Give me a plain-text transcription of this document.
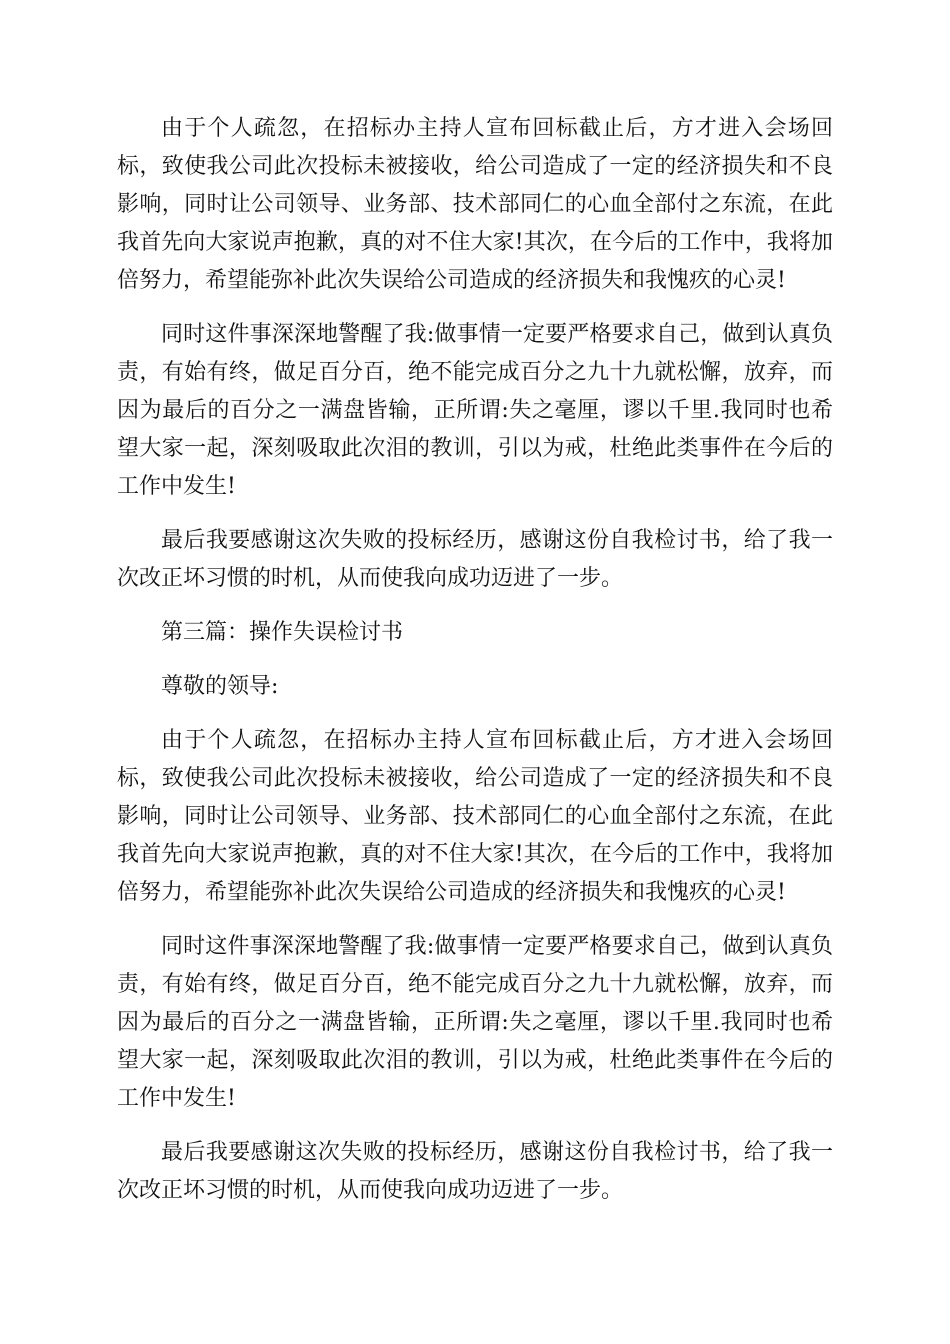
由于个人疏忽，在招标办主持人宣布回标截止后，方才进入会场回标，致使我公司此次投标未被接收，给公司造成了一定的经济损失和不良影响，同时让公司领导、业务部、技术部同仁的心血全部付之东流，在此我首先向大家说声抱歉，真的对不住大家!其次，在今后的工作中，我将加倍努力，希望能弥补此次失误给公司造成的经济损失和我愧疚的心灵!

同时这件事深深地警醒了我:做事情一定要严格要求自己，做到认真负责，有始有终，做足百分百，绝不能完成百分之九十九就松懈，放弃，而因为最后的百分之一满盘皆输，正所谓:失之毫厘，谬以千里.我同时也希望大家一起，深刻吸取此次泪的教训，引以为戒，杜绝此类事件在今后的工作中发生!

最后我要感谢这次失败的投标经历，感谢这份自我检讨书，给了我一次改正坏习惯的时机，从而使我向成功迈进了一步。

第三篇：操作失误检讨书

尊敬的领导:

由于个人疏忽，在招标办主持人宣布回标截止后，方才进入会场回标，致使我公司此次投标未被接收，给公司造成了一定的经济损失和不良影响，同时让公司领导、业务部、技术部同仁的心血全部付之东流，在此我首先向大家说声抱歉，真的对不住大家!其次，在今后的工作中，我将加倍努力，希望能弥补此次失误给公司造成的经济损失和我愧疚的心灵!

同时这件事深深地警醒了我:做事情一定要严格要求自己，做到认真负责，有始有终，做足百分百，绝不能完成百分之九十九就松懈，放弃，而因为最后的百分之一满盘皆输，正所谓:失之毫厘，谬以千里.我同时也希望大家一起，深刻吸取此次泪的教训，引以为戒，杜绝此类事件在今后的工作中发生!

最后我要感谢这次失败的投标经历，感谢这份自我检讨书，给了我一次改正坏习惯的时机，从而使我向成功迈进了一步。
